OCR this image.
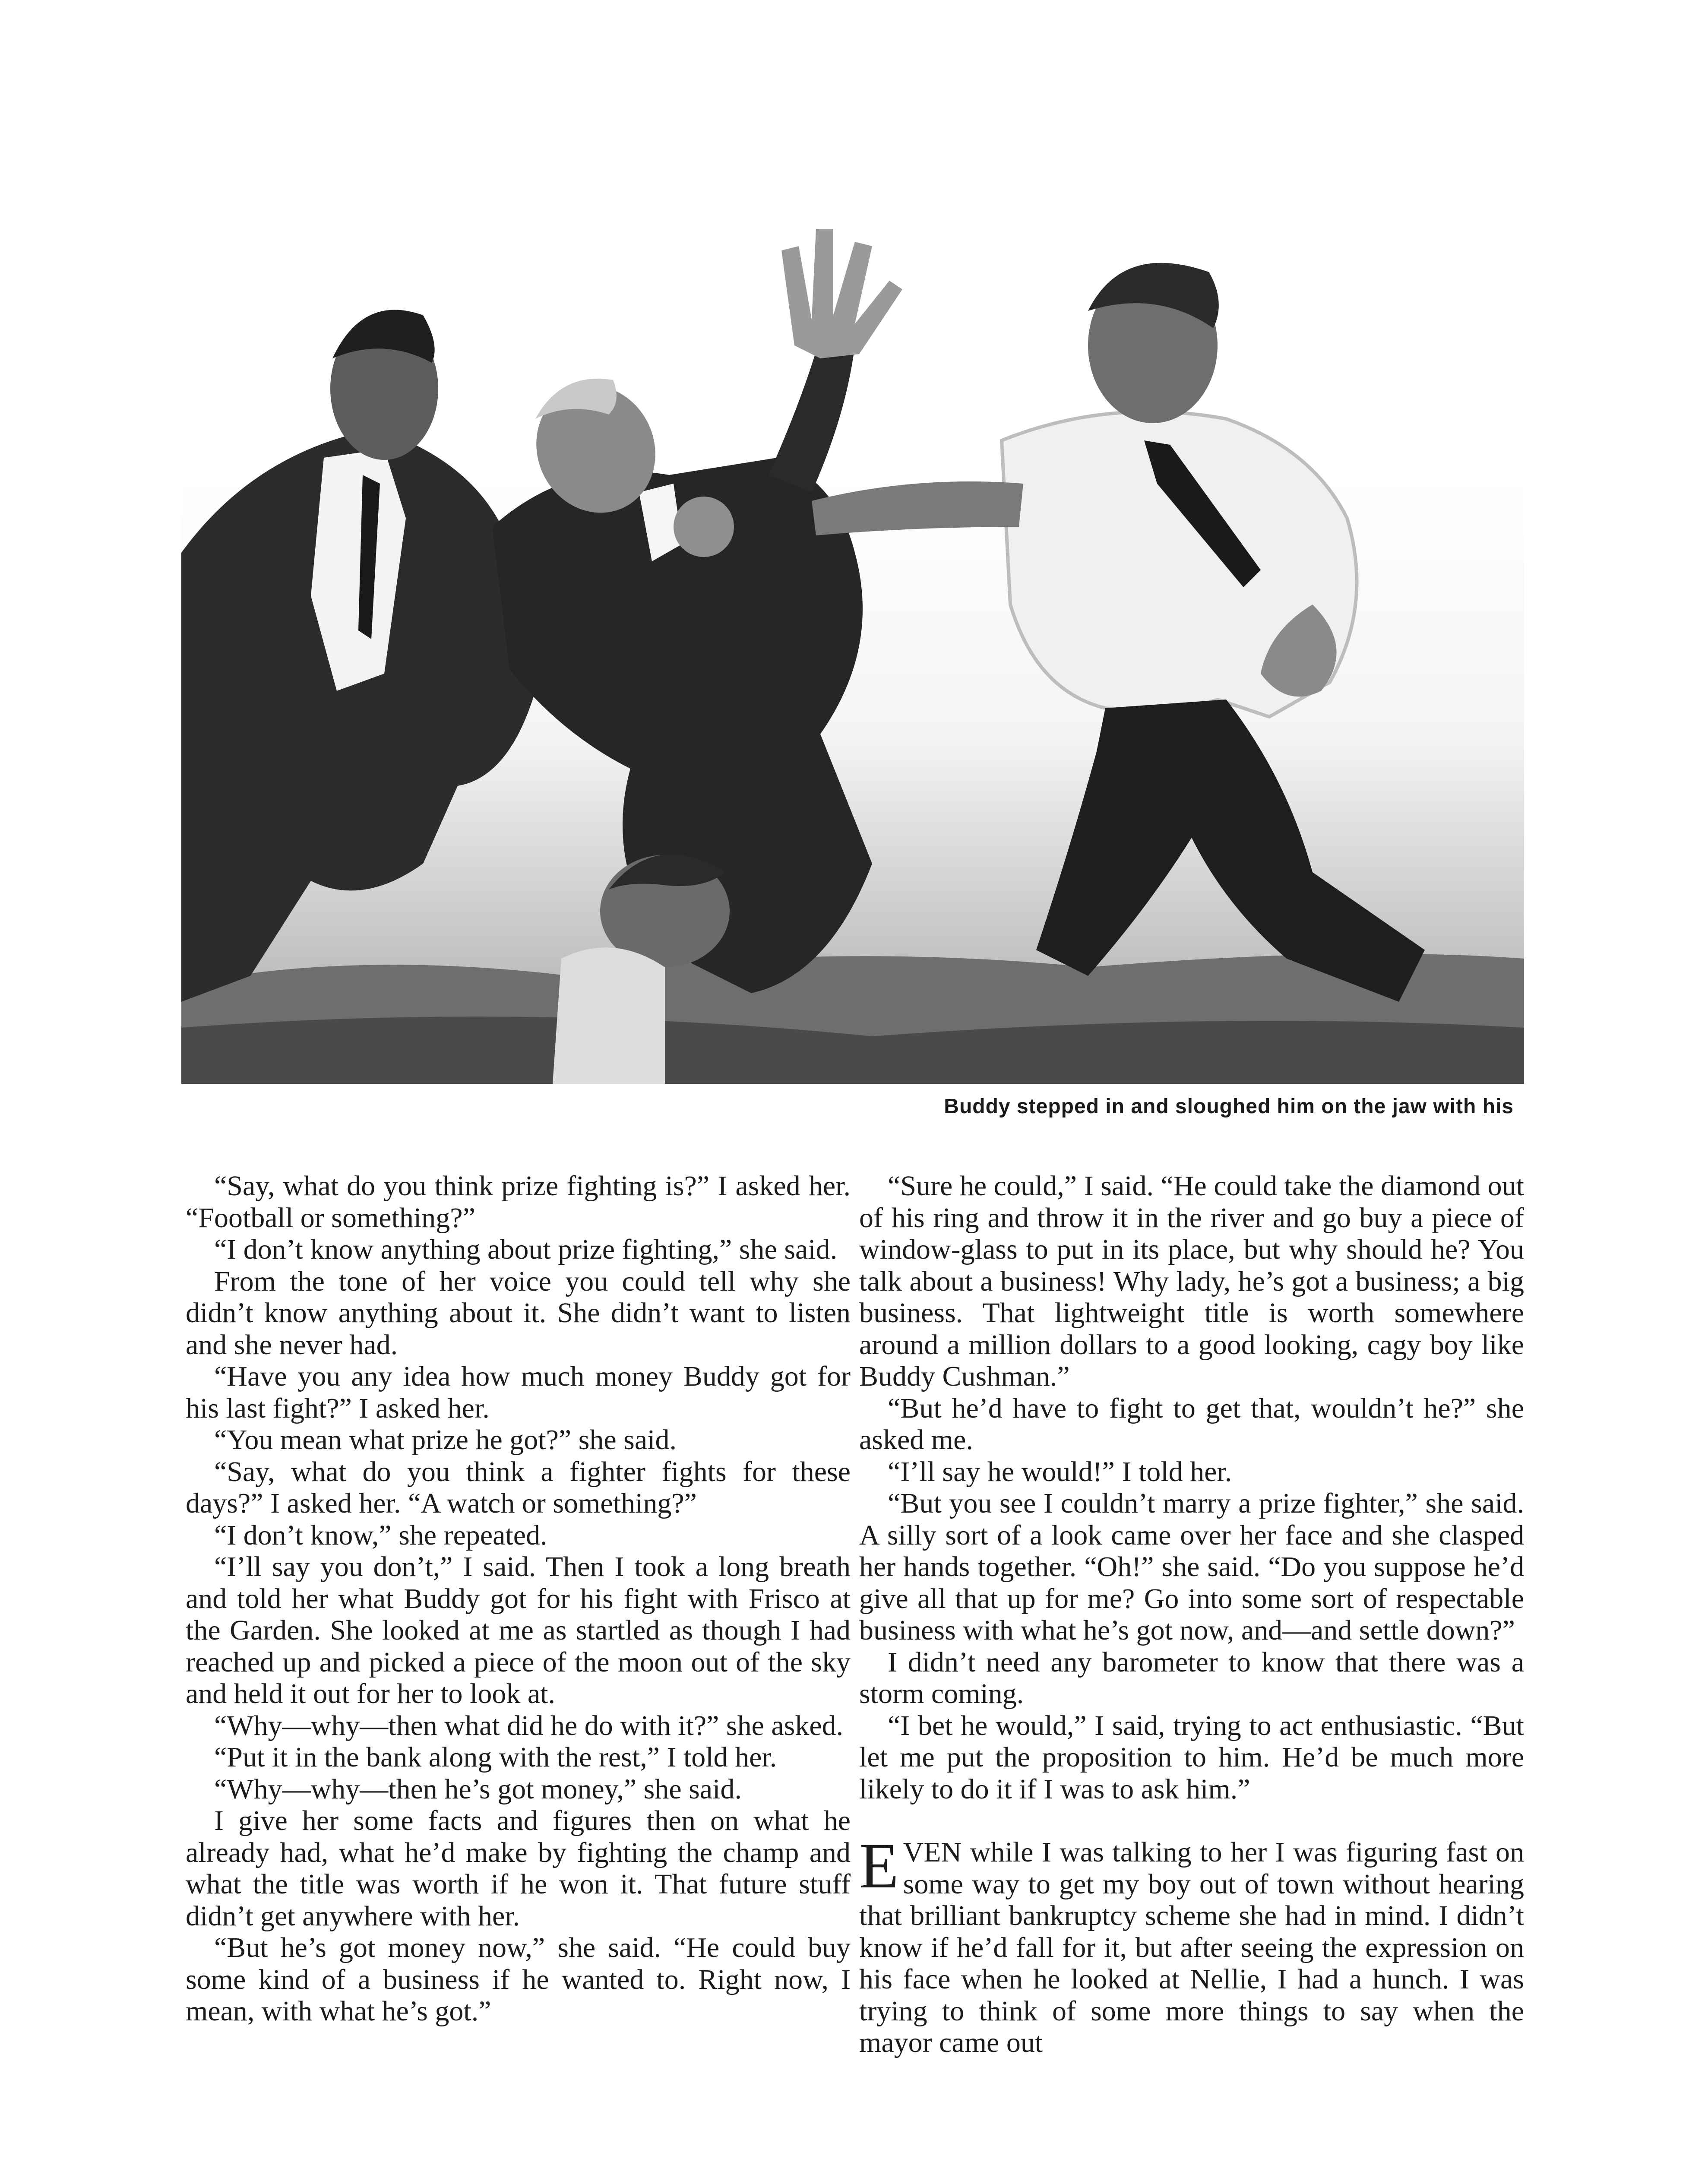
Buddy stepped in and sloughed him on the jaw with his

“Say, what do you think prize fighting is?” I asked her. “Football or something?”

“I don’t know anything about prize fighting,” she said.

From the tone of her voice you could tell why she didn’t know anything about it. She didn’t want to listen and she never had.

“Have you any idea how much money Buddy got for his last fight?” I asked her.

“You mean what prize he got?” she said.

“Say, what do you think a fighter fights for these days?” I asked her. “A watch or something?”

“I don’t know,” she repeated.

“I’ll say you don’t,” I said. Then I took a long breath and told her what Buddy got for his fight with Frisco at the Garden. She looked at me as startled as though I had reached up and picked a piece of the moon out of the sky and held it out for her to look at.

“Why—why—then what did he do with it?” she asked.

“Put it in the bank along with the rest,” I told her.

“Why—why—then he’s got money,” she said.

I give her some facts and figures then on what he already had, what he’d make by fighting the champ and what the title was worth if he won it. That future stuff didn’t get anywhere with her.

“But he’s got money now,” she said. “He could buy some kind of a business if he wanted to. Right now, I mean, with what he’s got.”

“Sure he could,” I said. “He could take the diamond out of his ring and throw it in the river and go buy a piece of window-glass to put in its place, but why should he? You talk about a business! Why lady, he’s got a business; a big business. That lightweight title is worth somewhere around a million dollars to a good looking, cagy boy like Buddy Cushman.”

“But he’d have to fight to get that, wouldn’t he?” she asked me.

“I’ll say he would!” I told her.

“But you see I couldn’t marry a prize fighter,” she said. A silly sort of a look came over her face and she clasped her hands together. “Oh!” she said. “Do you suppose he’d give all that up for me? Go into some sort of respectable business with what he’s got now, and—and settle down?”

I didn’t need any barometer to know that there was a storm coming.

“I bet he would,” I said, trying to act enthusiastic. “But let me put the proposition to him. He’d be much more likely to do it if I was to ask him.”

EVEN while I was talking to her I was figuring fast on some way to get my boy out of town without hearing that brilliant bankruptcy scheme she had in mind. I didn’t know if he’d fall for it, but after seeing the expression on his face when he looked at Nellie, I had a hunch. I was trying to think of some more things to say when the mayor came out
